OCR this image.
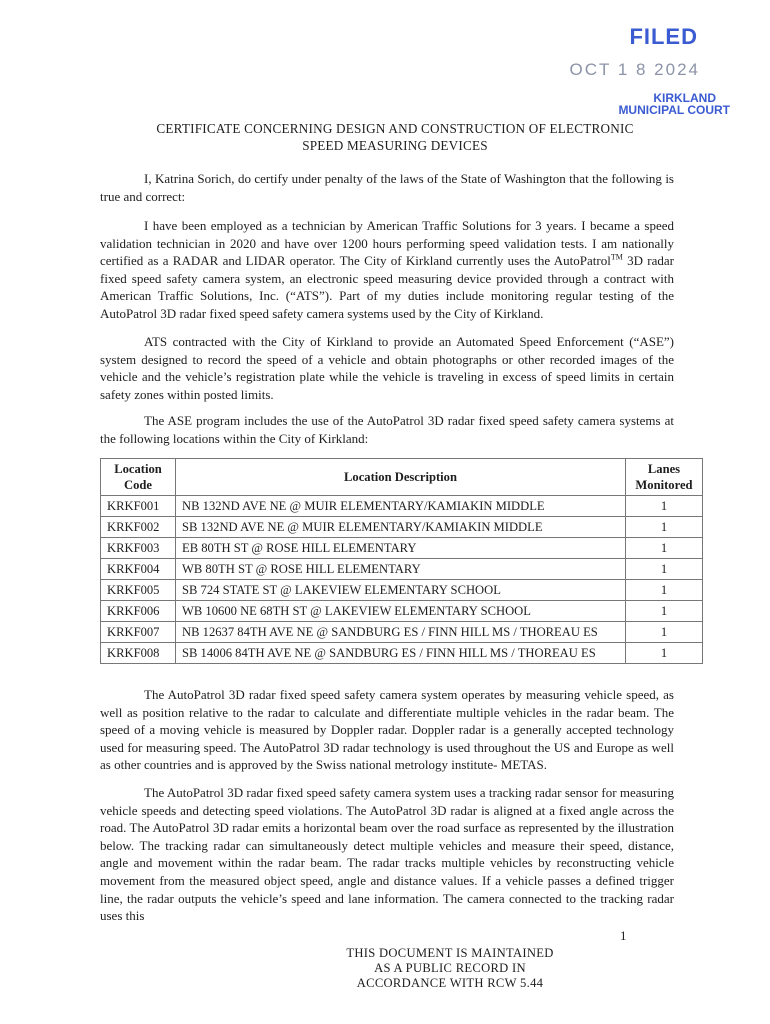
FILED
OCT 1 8 2024
KIRKLAND
MUNICIPAL COURT
CERTIFICATE CONCERNING DESIGN AND CONSTRUCTION OF ELECTRONIC
SPEED MEASURING DEVICES

I, Katrina Sorich, do certify under penalty of the laws of the State of Washington that the following is true and correct:

I have been employed as a technician by American Traffic Solutions for 3 years. I became a speed validation technician in 2020 and have over 1200 hours performing speed validation tests. I am nationally certified as a RADAR and LIDAR operator. The City of Kirkland currently uses the AutoPatrol™ 3D radar fixed speed safety camera system, an electronic speed measuring device provided through a contract with American Traffic Solutions, Inc. (“ATS”). Part of my duties include monitoring regular testing of the AutoPatrol 3D radar fixed speed safety camera systems used by the City of Kirkland.

ATS contracted with the City of Kirkland to provide an Automated Speed Enforcement (“ASE”) system designed to record the speed of a vehicle and obtain photographs or other recorded images of the vehicle and the vehicle’s registration plate while the vehicle is traveling in excess of speed limits in certain safety zones within posted limits.

The ASE program includes the use of the AutoPatrol 3D radar fixed speed safety camera systems at the following locations within the City of Kirkland:

Location
Code	Location Description	Lanes
Monitored
KRKF001	NB 132ND AVE NE @ MUIR ELEMENTARY/KAMIAKIN MIDDLE	1
KRKF002	SB 132ND AVE NE @ MUIR ELEMENTARY/KAMIAKIN MIDDLE	1
KRKF003	EB 80TH ST @ ROSE HILL ELEMENTARY	1
KRKF004	WB 80TH ST @ ROSE HILL ELEMENTARY	1
KRKF005	SB 724 STATE ST @ LAKEVIEW ELEMENTARY SCHOOL	1
KRKF006	WB 10600 NE 68TH ST @ LAKEVIEW ELEMENTARY SCHOOL	1
KRKF007	NB 12637 84TH AVE NE @ SANDBURG ES / FINN HILL MS / THOREAU ES	1
KRKF008	SB 14006 84TH AVE NE @ SANDBURG ES / FINN HILL MS / THOREAU ES	1

The AutoPatrol 3D radar fixed speed safety camera system operates by measuring vehicle speed, as well as position relative to the radar to calculate and differentiate multiple vehicles in the radar beam. The speed of a moving vehicle is measured by Doppler radar. Doppler radar is a generally accepted technology used for measuring speed. The AutoPatrol 3D radar technology is used throughout the US and Europe as well as other countries and is approved by the Swiss national metrology institute- METAS.

The AutoPatrol 3D radar fixed speed safety camera system uses a tracking radar sensor for measuring vehicle speeds and detecting speed violations. The AutoPatrol 3D radar is aligned at a fixed angle across the road. The AutoPatrol 3D radar emits a horizontal beam over the road surface as represented by the illustration below. The tracking radar can simultaneously detect multiple vehicles and measure their speed, distance, angle and movement within the radar beam. The radar tracks multiple vehicles by reconstructing vehicle movement from the measured object speed, angle and distance values. If a vehicle passes a defined trigger line, the radar outputs the vehicle’s speed and lane information. The camera connected to the tracking radar uses this

1
THIS DOCUMENT IS MAINTAINED
AS A PUBLIC RECORD IN
ACCORDANCE WITH RCW 5.44
